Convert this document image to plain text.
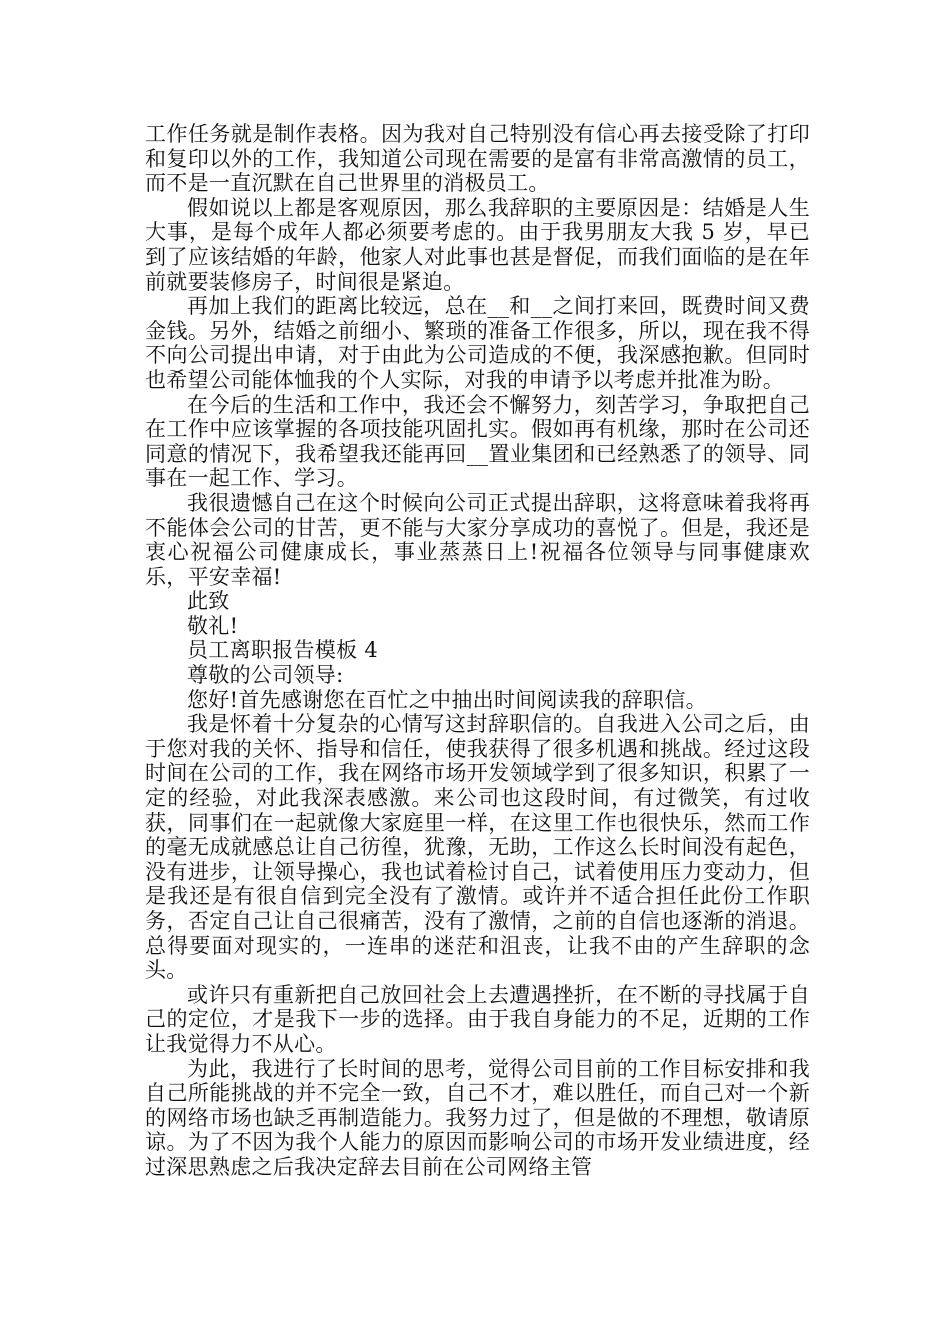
工作任务就是制作表格。因为我对自己特别没有信心再去接受除了打印和复印以外的工作，我知道公司现在需要的是富有非常高激情的员工，而不是一直沉默在自己世界里的消极员工。

假如说以上都是客观原因，那么我辞职的主要原因是：结婚是人生大事，是每个成年人都必须要考虑的。由于我男朋友大我 5 岁，早已到了应该结婚的年龄，他家人对此事也甚是督促，而我们面临的是在年前就要装修房子，时间很是紧迫。

再加上我们的距离比较远，总在__和__之间打来回，既费时间又费金钱。另外，结婚之前细小、繁琐的准备工作很多，所以，现在我不得不向公司提出申请，对于由此为公司造成的不便，我深感抱歉。但同时也希望公司能体恤我的个人实际，对我的申请予以考虑并批准为盼。

在今后的生活和工作中，我还会不懈努力，刻苦学习，争取把自己在工作中应该掌握的各项技能巩固扎实。假如再有机缘，那时在公司还同意的情况下，我希望我还能再回__置业集团和已经熟悉了的领导、同事在一起工作、学习。

我很遗憾自己在这个时候向公司正式提出辞职，这将意味着我将再不能体会公司的甘苦，更不能与大家分享成功的喜悦了。但是，我还是衷心祝福公司健康成长，事业蒸蒸日上!祝福各位领导与同事健康欢乐，平安幸福!

此致

敬礼!

员工离职报告模板 4

尊敬的公司领导:

您好!首先感谢您在百忙之中抽出时间阅读我的辞职信。

我是怀着十分复杂的心情写这封辞职信的。自我进入公司之后，由于您对我的关怀、指导和信任，使我获得了很多机遇和挑战。经过这段时间在公司的工作，我在网络市场开发领域学到了很多知识，积累了一定的经验，对此我深表感激。来公司也这段时间，有过微笑，有过收获，同事们在一起就像大家庭里一样，在这里工作也很快乐，然而工作的毫无成就感总让自己彷徨，犹豫，无助，工作这么长时间没有起色，没有进步，让领导操心，我也试着检讨自己，试着使用压力变动力，但是我还是有很自信到完全没有了激情。或许并不适合担任此份工作职务，否定自己让自己很痛苦，没有了激情，之前的自信也逐渐的消退。总得要面对现实的，一连串的迷茫和沮丧，让我不由的产生辞职的念头。

或许只有重新把自己放回社会上去遭遇挫折，在不断的寻找属于自己的定位，才是我下一步的选择。由于我自身能力的不足，近期的工作让我觉得力不从心。

为此，我进行了长时间的思考，觉得公司目前的工作目标安排和我自己所能挑战的并不完全一致，自己不才，难以胜任，而自己对一个新的网络市场也缺乏再制造能力。我努力过了，但是做的不理想，敬请原谅。为了不因为我个人能力的原因而影响公司的市场开发业绩进度，经过深思熟虑之后我决定辞去目前在公司网络主管
